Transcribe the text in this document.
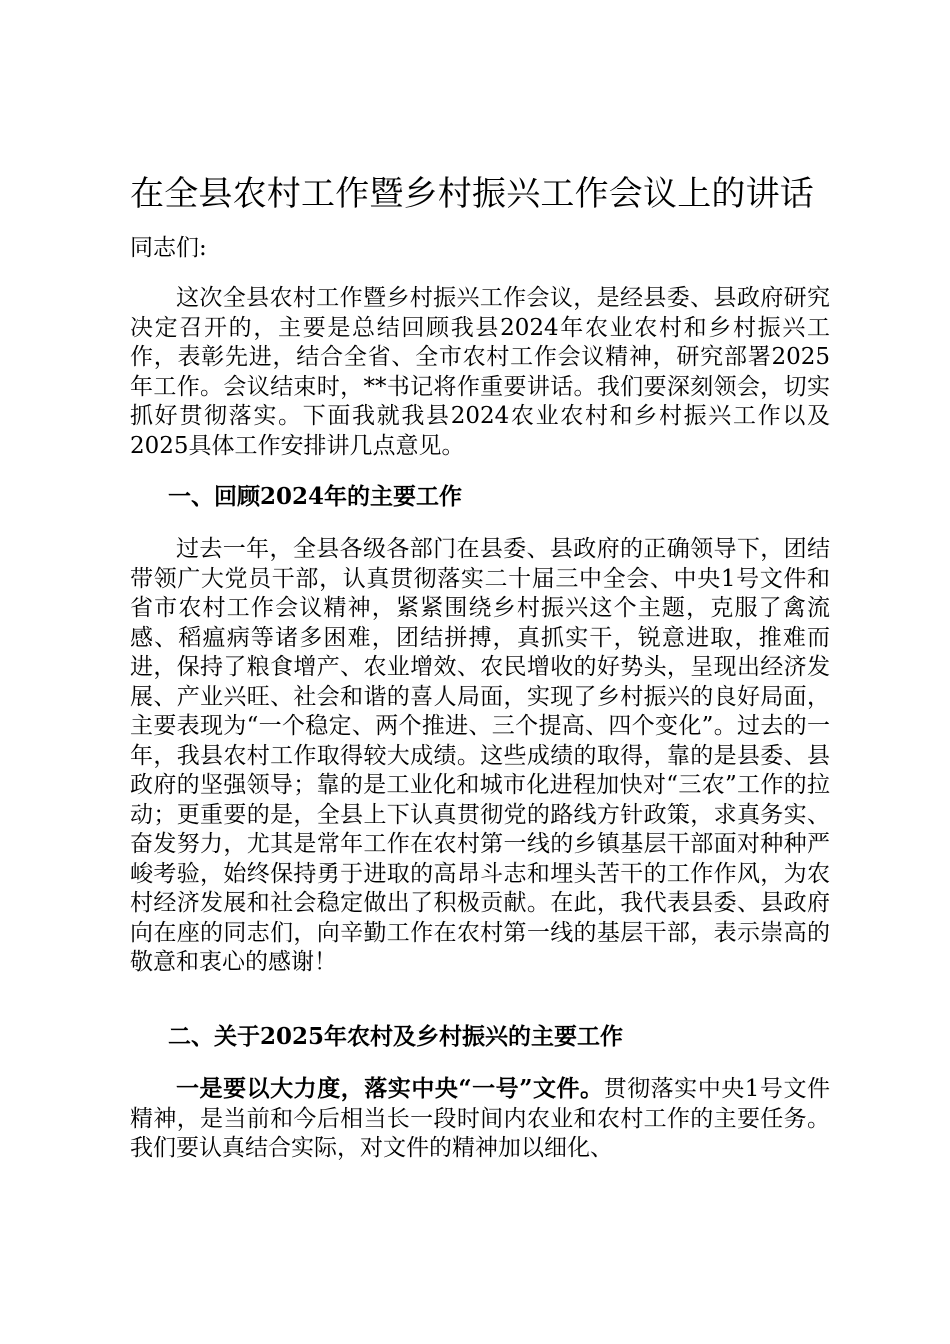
在全县农村工作暨乡村振兴工作会议上的讲话
同志们:

这次全县农村工作暨乡村振兴工作会议，是经县委、县政府研究决定召开的，主要是总结回顾我县2024年农业农村和乡村振兴工作，表彰先进，结合全省、全市农村工作会议精神，研究部署2025年工作。会议结束时，**书记将作重要讲话。我们要深刻领会，切实抓好贯彻落实。下面我就我县2024农业农村和乡村振兴工作以及2025具体工作安排讲几点意见。

一、回顾2024年的主要工作

过去一年，全县各级各部门在县委、县政府的正确领导下，团结带领广大党员干部，认真贯彻落实二十届三中全会、中央1号文件和省市农村工作会议精神，紧紧围绕乡村振兴这个主题，克服了禽流感、稻瘟病等诸多困难，团结拼搏，真抓实干，锐意进取，推难而进，保持了粮食增产、农业增效、农民增收的好势头，呈现出经济发展、产业兴旺、社会和谐的喜人局面，实现了乡村振兴的良好局面，主要表现为“一个稳定、两个推进、三个提高、四个变化”。过去的一年，我县农村工作取得较大成绩。这些成绩的取得，靠的是县委、县政府的坚强领导；靠的是工业化和城市化进程加快对“三农”工作的拉动；更重要的是，全县上下认真贯彻党的路线方针政策，求真务实、奋发努力，尤其是常年工作在农村第一线的乡镇基层干部面对种种严峻考验，始终保持勇于进取的高昂斗志和埋头苦干的工作作风，为农村经济发展和社会稳定做出了积极贡献。在此，我代表县委、县政府向在座的同志们，向辛勤工作在农村第一线的基层干部，表示崇高的敬意和衷心的感谢！

二、关于2025年农村及乡村振兴的主要工作

一是要以大力度，落实中央“一号”文件。贯彻落实中央1号文件精神，是当前和今后相当长一段时间内农业和农村工作的主要任务。我们要认真结合实际，对文件的精神加以细化、
